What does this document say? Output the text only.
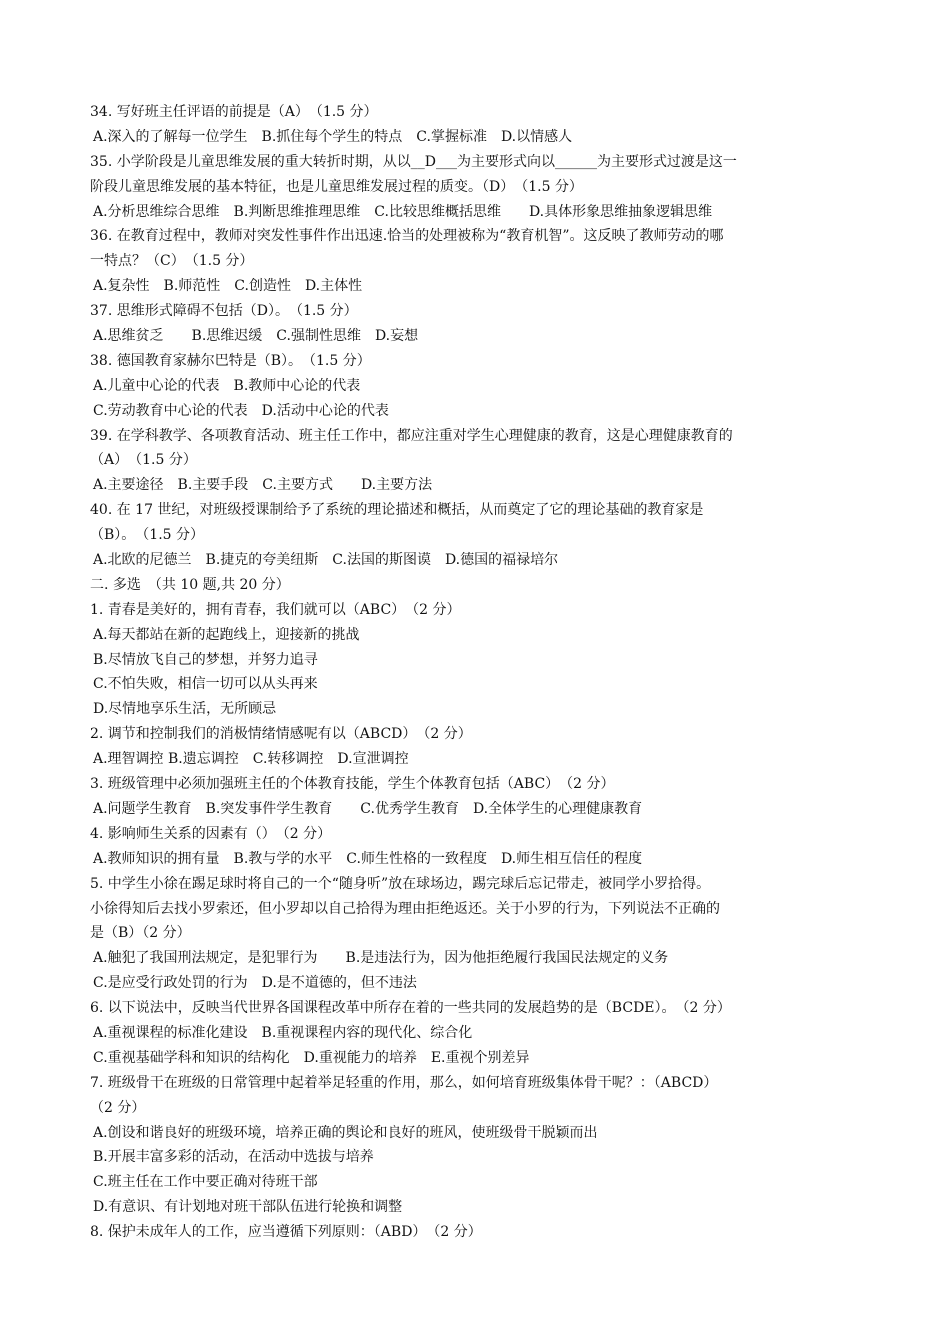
34. 写好班主任评语的前提是（A）　（1.5 分）
A.深入的了解每一位学生　B.抓住每个学生的特点　C.掌握标准　D.以情感人
35. 小学阶段是儿童思维发展的重大转折时期，从以__D___为主要形式向以______为主要形式过渡是这一
阶段儿童思维发展的基本特征，也是儿童思维发展过程的质变。（D）　（1.5 分）
A.分析思维综合思维　B.判断思维推理思维　C.比较思维概括思维　　D.具体形象思维抽象逻辑思维
36. 在教育过程中，教师对突发性事件作出迅速.恰当的处理被称为“教育机智”。这反映了教师劳动的哪
一特点？（C）　（1.5 分）
A.复杂性　B.师范性　C.创造性　D.主体性
37. 思维形式障碍不包括（D）。　（1.5 分）
A.思维贫乏　　B.思维迟缓　C.强制性思维　D.妄想
38. 德国教育家赫尔巴特是（B）。　（1.5 分）
A.儿童中心论的代表　B.教师中心论的代表
C.劳动教育中心论的代表　D.活动中心论的代表
39. 在学科教学、各项教育活动、班主任工作中，都应注重对学生心理健康的教育，这是心理健康教育的
（A）　（1.5 分）
A.主要途径　B.主要手段　C.主要方式　　D.主要方法
40. 在 17 世纪，对班级授课制给予了系统的理论描述和概括，从而奠定了它的理论基础的教育家是
（B）。　（1.5 分）
A.北欧的尼德兰　B.捷克的夸美纽斯　C.法国的斯图谟　D.德国的福禄培尔
二. 多选　（共 10 题,共 20 分）
1. 青春是美好的，拥有青春，我们就可以（ABC）　（2 分）
A.每天都站在新的起跑线上，迎接新的挑战
B.尽情放飞自己的梦想，并努力追寻
C.不怕失败，相信一切可以从头再来
D.尽情地享乐生活，无所顾忌
2. 调节和控制我们的消极情绪情感呢有以（ABCD）　（2 分）
A.理智调控 B.遗忘调控　C.转移调控　D.宣泄调控
3. 班级管理中必须加强班主任的个体教育技能，学生个体教育包括（ABC）　（2 分）
A.问题学生教育　B.突发事件学生教育　　C.优秀学生教育　D.全体学生的心理健康教育
4. 影响师生关系的因素有（）　（2 分）
A.教师知识的拥有量　B.教与学的水平　C.师生性格的一致程度　D.师生相互信任的程度
5. 中学生小徐在踢足球时将自己的一个“随身听”放在球场边，踢完球后忘记带走，被同学小罗拾得。
小徐得知后去找小罗索还，但小罗却以自己拾得为理由拒绝返还。关于小罗的行为，下列说法不正确的
是（B）（2 分）
A.触犯了我国刑法规定，是犯罪行为　　B.是违法行为，因为他拒绝履行我国民法规定的义务
C.是应受行政处罚的行为　D.是不道德的，但不违法
6. 以下说法中，反映当代世界各国课程改革中所存在着的一些共同的发展趋势的是（BCDE）。　（2 分）
A.重视课程的标准化建设　B.重视课程内容的现代化、综合化
C.重视基础学科和知识的结构化　D.重视能力的培养　E.重视个别差异
7. 班级骨干在班级的日常管理中起着举足轻重的作用，那么，如何培育班级集体骨干呢？：（ABCD）
（2 分）
A.创设和谐良好的班级环境，培养正确的舆论和良好的班风，使班级骨干脱颖而出
B.开展丰富多彩的活动，在活动中选拔与培养
C.班主任在工作中要正确对待班干部
D.有意识、有计划地对班干部队伍进行轮换和调整
8. 保护未成年人的工作，应当遵循下列原则：（ABD）　（2 分）
